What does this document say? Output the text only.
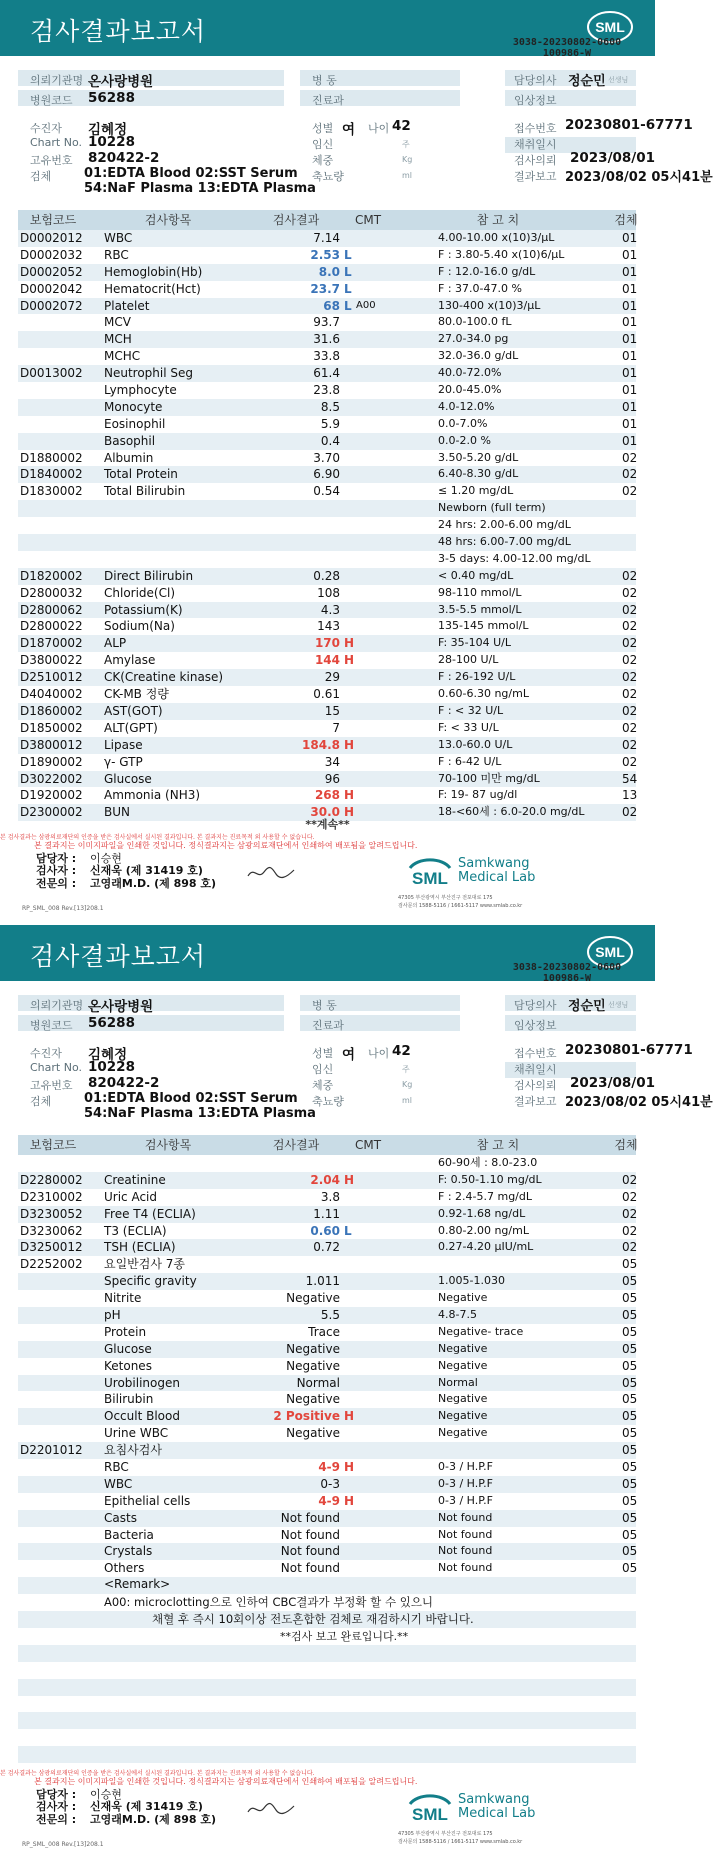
검사결과보고서	SML
3038-20230802-0600
100986-W
의뢰기관명 온사랑병원
병원코드 56288
수진자 김혜정
Chart No. 10228
고유번호 820422-2
검체	01:EDTA Blood 02:SST Serum
54:NaF Plasma 13:EDTA Plasma
병 동
진료과
성별 여 나이 42
임신	주
체중	Kg
축뇨량	ml
담당의사 정순민 선생님
임상정보
접수번호 20230801-67771
채취일시
검사의뢰 2023/08/01
결과보고 2023/08/02 05시41분
보험코드	검사항목	검사결과	CMT	참 고 치	검체
D0002012 WBC	7.14	4.00-10.00 x(10)3/µL	01
D0002032 RBC	2.53 L	F : 3.80-5.40 x(10)6/µL	01
D0002052 Hemoglobin(Hb)	8.0 L	F : 12.0-16.0 g/dL	01
D0002042 Hematocrit(Hct)	23.7 L	F : 37.0-47.0 %	01
D0002072 Platelet	68 L A00	130-400 x(10)3/µL	01
MCV	93.7	80.0-100.0 fL	01
MCH	31.6	27.0-34.0 pg	01
MCHC	33.8	32.0-36.0 g/dL	01
D0013002 Neutrophil Seg	61.4	40.0-72.0%	01
Lymphocyte	23.8	20.0-45.0%	01
Monocyte	8.5	4.0-12.0%	01
Eosinophil	5.9	0.0-7.0%	01
Basophil	0.4	0.0-2.0 %	01
D1880002 Albumin	3.70	3.50-5.20 g/dL	02
D1840002 Total Protein	6.90	6.40-8.30 g/dL	02
D1830002 Total Bilirubin	0.54	≤ 1.20 mg/dL	02
Newborn (full term)
24 hrs: 2.00-6.00 mg/dL
48 hrs: 6.00-7.00 mg/dL
3-5 days: 4.00-12.00 mg/dL
D1820002 Direct Bilirubin	0.28	< 0.40 mg/dL	02
D2800032 Chloride(Cl)	108	98-110 mmol/L	02
D2800062 Potassium(K)	4.3	3.5-5.5 mmol/L	02
D2800022 Sodium(Na)	143	135-145 mmol/L	02
D1870002 ALP	170 H	F: 35-104 U/L	02
D3800022 Amylase	144 H	28-100 U/L	02
D2510012 CK(Creatine kinase)	29	F : 26-192 U/L	02
D4040002 CK-MB 정량	0.61	0.60-6.30 ng/mL	02
D1860002 AST(GOT)	15	F : < 32 U/L	02
D1850002 ALT(GPT)	7	F: < 33 U/L	02
D3800012 Lipase	184.8 H	13.0-60.0 U/L	02
D1890002 γ- GTP	34	F : 6-42 U/L	02
D3022002 Glucose	96	70-100 미만 mg/dL	54
D1920002 Ammonia (NH3)	268 H	F: 19- 87 ug/dl	13
D2300002 BUN	30.0 H	18-<60세 : 6.0-20.0 mg/dL	02
**계속**
본 검사결과는 삼광의료재단의 인증을 받은 검사실에서 실시된 결과입니다. 본 결과지는 진료목적 외 사용할 수 없습니다.
본 결과지는 이미지파일을 인쇄한 것입니다. 정식결과지는 삼광의료재단에서 인쇄하여 배포됨을 알려드립니다.
담당자 : 이승현
검사자 : 신재욱 (제 31419 호)
전문의 : 고영래M.D. (제 898 호)	SML
Samkwang
Medical Lab
47305 부산광역시 부산진구 전포대로 175
검사문의 1588-5116 / 1661-5117 www.smlab.co.kr
RP_SML_008 Rev.[13]208.1
검사결과보고서	SML
3038-20230802-0600
100986-W
의뢰기관명 온사랑병원
병원코드 56288
수진자 김혜정
Chart No. 10228
고유번호 820422-2
검체	01:EDTA Blood 02:SST Serum
54:NaF Plasma 13:EDTA Plasma
병 동
진료과
성별 여 나이 42
임신	주
체중	Kg
축뇨량	ml
담당의사 정순민 선생님
임상정보
접수번호 20230801-67771
채취일시
검사의뢰 2023/08/01
결과보고 2023/08/02 05시41분
보험코드	검사항목	검사결과	CMT	참 고 치	검체
60-90세 : 8.0-23.0
D2280002 Creatinine	2.04 H	F: 0.50-1.10 mg/dL	02
D2310002 Uric Acid	3.8	F : 2.4-5.7 mg/dL	02
D3230052 Free T4 (ECLIA)	1.11	0.92-1.68 ng/dL	02
D3230062 T3 (ECLIA)	0.60 L	0.80-2.00 ng/mL	02
D3250012 TSH (ECLIA)	0.72	0.27-4.20 µIU/mL	02
D2252002 요일반검사 7종	05
Specific gravity	1.011	1.005-1.030	05
Nitrite	Negative	Negative	05
pH	5.5	4.8-7.5	05
Protein	Trace	Negative- trace	05
Glucose	Negative	Negative	05
Ketones	Negative	Negative	05
Urobilinogen	Normal	Normal	05
Bilirubin	Negative	Negative	05
Occult Blood	2 Positive H	Negative	05
Urine WBC	Negative	Negative	05
D2201012 요침사검사	05
RBC	4-9 H	0-3 / H.P.F	05
WBC	0-3	0-3 / H.P.F	05
Epithelial cells	4-9 H	0-3 / H.P.F	05
Casts	Not found	Not found	05
Bacteria	Not found	Not found	05
Crystals	Not found	Not found	05
Others	Not found	Not found	05
<Remark>
A00: microclotting으로 인하여 CBC결과가 부정확 할 수 있으니
채혈 후 즉시 10회이상 전도혼합한 검체로 재검하시기 바랍니다.
**검사 보고 완료입니다.**
본 검사결과는 삼광의료재단의 인증을 받은 검사실에서 실시된 결과입니다. 본 결과지는 진료목적 외 사용할 수 없습니다.
본 결과지는 이미지파일을 인쇄한 것입니다. 정식결과지는 삼광의료재단에서 인쇄하여 배포됨을 알려드립니다.
담당자 : 이승현
검사자 : 신재욱 (제 31419 호)
전문의 : 고영래M.D. (제 898 호)	SML
Samkwang
Medical Lab
47305 부산광역시 부산진구 전포대로 175
검사문의 1588-5116 / 1661-5117 www.smlab.co.kr
RP_SML_008 Rev.[13]208.1
